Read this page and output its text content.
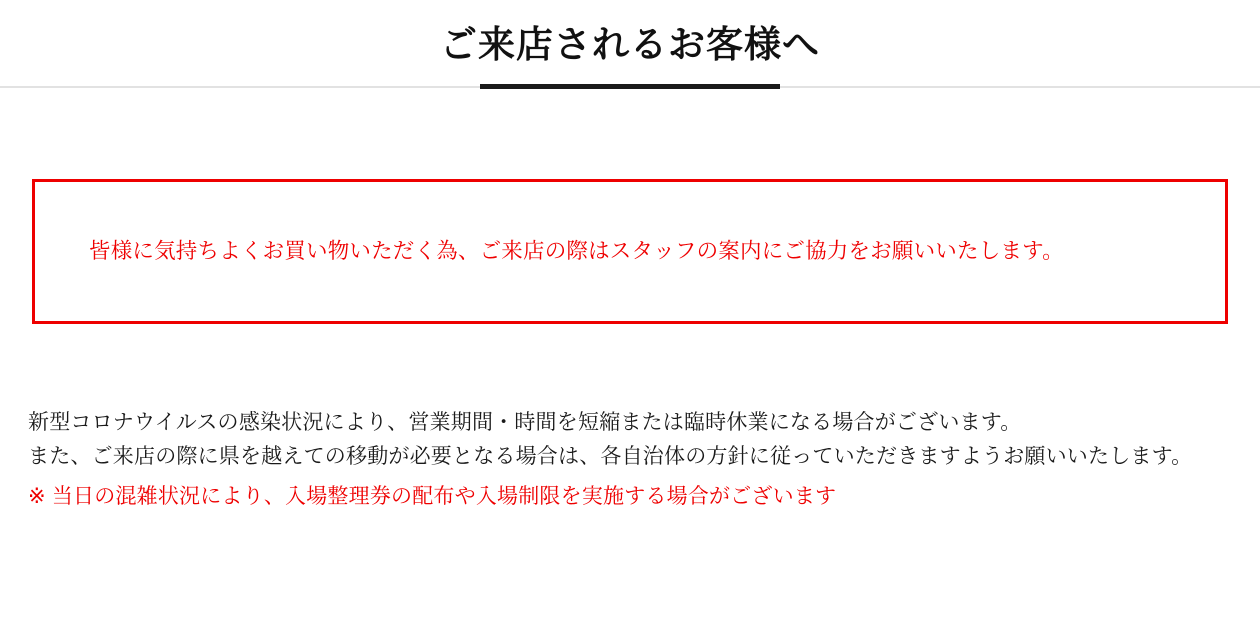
ご来店されるお客様へ
皆様に気持ちよくお買い物いただく為、ご来店の際はスタッフの案内にご協力をお願いいたします。

新型コロナウイルスの感染状況により、営業期間・時間を短縮または臨時休業になる場合がございます。

また、ご来店の際に県を越えての移動が必要となる場合は、各自治体の方針に従っていただきますようお願いいたします。

※ 当日の混雑状況により、入場整理券の配布や入場制限を実施する場合がございます
